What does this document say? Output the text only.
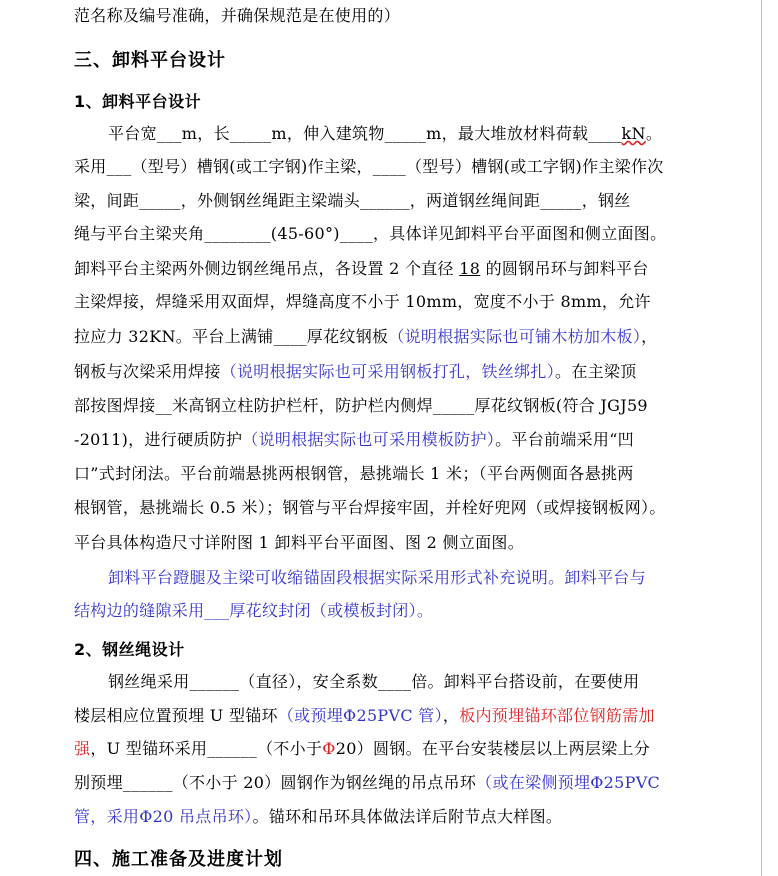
范名称及编号准确，并确保规范是在使用的）
三、卸料平台设计
1、卸料平台设计
平台宽___m，长_____m，伸入建筑物_____m，最大堆放材料荷载____kN。
采用___（型号）槽钢(或工字钢)作主梁，____（型号）槽钢(或工字钢)作主梁作次
梁，间距_____，外侧钢丝绳距主梁端头______，两道钢丝绳间距_____，钢丝
绳与平台主梁夹角________(45-60°)____，具体详见卸料平台平面图和侧立面图。
卸料平台主梁两外侧边钢丝绳吊点，各设置 2 个直径 18 的圆钢吊环与卸料平台
主梁焊接，焊缝采用双面焊，焊缝高度不小于 10mm，宽度不小于 8mm，允许
拉应力 32KN。平台上满铺____厚花纹钢板（说明根据实际也可铺木枋加木板），
钢板与次梁采用焊接（说明根据实际也可采用钢板打孔，铁丝绑扎）。在主梁顶
部按图焊接__米高钢立柱防护栏杆，防护栏内侧焊_____厚花纹钢板(符合 JGJ59
-2011)，进行硬质防护（说明根据实际也可采用模板防护）。平台前端采用“凹
口”式封闭法。平台前端悬挑两根钢管，悬挑端长 1 米；（平台两侧面各悬挑两
根钢管，悬挑端长 0.5 米）；钢管与平台焊接牢固，并栓好兜网（或焊接钢板网）。
平台具体构造尺寸详附图 1 卸料平台平面图、图 2 侧立面图。
卸料平台蹬腿及主梁可收缩锚固段根据实际采用形式补充说明。卸料平台与
结构边的缝隙采用___厚花纹封闭（或模板封闭）。
2、钢丝绳设计
钢丝绳采用______（直径），安全系数____倍。卸料平台搭设前，在要使用
楼层相应位置预埋 U 型锚环（或预埋Φ25PVC 管），板内预埋锚环部位钢筋需加
强，U 型锚环采用______（不小于Φ20）圆钢。在平台安装楼层以上两层梁上分
别预埋______（不小于 20）圆钢作为钢丝绳的吊点吊环（或在梁侧预埋Φ25PVC
管，采用Φ20 吊点吊环）。锚环和吊环具体做法详后附节点大样图。
四、施工准备及进度计划
